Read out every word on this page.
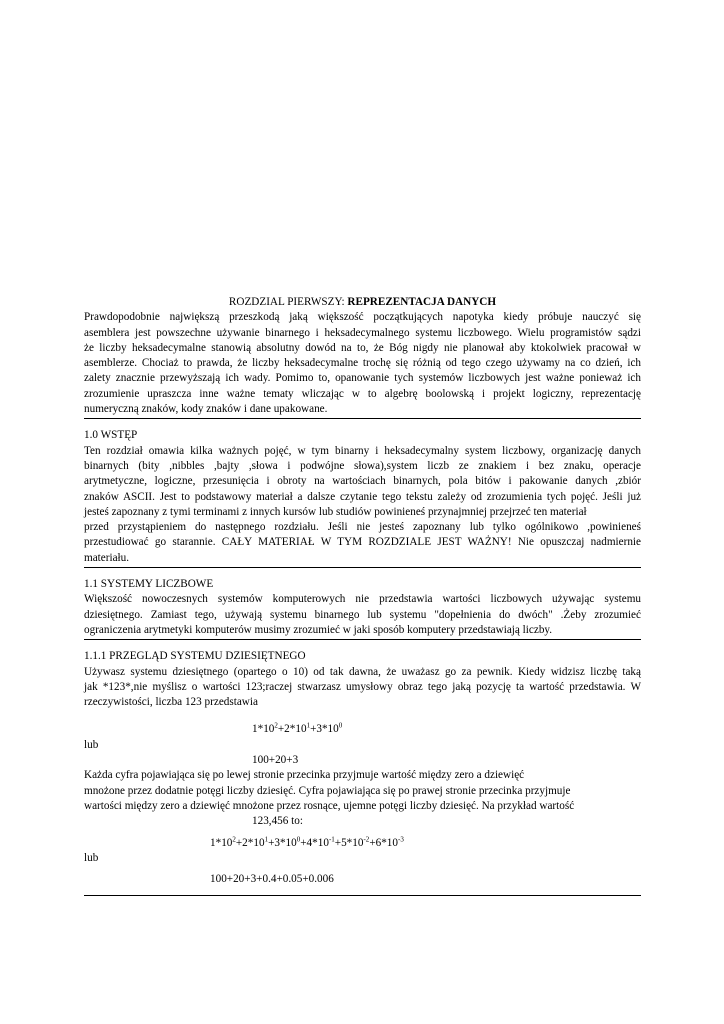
ROZDZIAL PIERWSZY: REPREZENTACJA DANYCH

Prawdopodobnie największą przeszkodą jaką większość początkujących napotyka kiedy próbuje nauczyć się
asemblera jest powszechne używanie binarnego i heksadecymalnego systemu liczbowego. Wielu programistów sądzi
że liczby heksadecymalne stanowią absolutny dowód na to, że Bóg nigdy nie planował aby ktokolwiek pracował w
asemblerze. Chociaż to prawda, że liczby heksadecymalne trochę się różnią od tego czego używamy na co dzień, ich
zalety znacznie przewyższają ich wady. Pomimo to, opanowanie tych systemów liczbowych jest ważne ponieważ ich
zrozumienie upraszcza inne ważne tematy wliczając w to algebrę boolowską i projekt logiczny, reprezentację
numeryczną znaków, kody znaków i dane upakowane.

1.0 WSTĘP

Ten rozdział omawia kilka ważnych pojęć, w tym binarny i heksadecymalny system liczbowy, organizację danych
binarnych (bity ,nibbles ,bajty ,słowa i podwójne słowa),system liczb ze znakiem i bez znaku, operacje
arytmetyczne, logiczne, przesunięcia i obroty na wartościach binarnych, pola bitów i pakowanie danych ,zbiór
znaków ASCII. Jest to podstawowy materiał a dalsze czytanie tego tekstu zależy od zrozumienia tych pojęć. Jeśli już
jesteś zapoznany z tymi terminami z innych kursów lub studiów powinieneś przynajmniej przejrzeć ten materiał
przed przystąpieniem do następnego rozdziału. Jeśli nie jesteś zapoznany lub tylko ogólnikowo ,powinieneś
przestudiować go starannie. CAŁY MATERIAŁ W TYM ROZDZIALE JEST WAŻNY! Nie opuszczaj nadmiernie
materiału.

1.1 SYSTEMY LICZBOWE

Większość nowoczesnych systemów komputerowych nie przedstawia wartości liczbowych używając systemu
dziesiętnego. Zamiast tego, używają systemu binarnego lub systemu "dopełnienia do dwóch" .Żeby zrozumieć
ograniczenia arytmetyki komputerów musimy zrozumieć w jaki sposób komputery przedstawiają liczby.

1.1.1 PRZEGLĄD SYSTEMU DZIESIĘTNEGO

Używasz systemu dziesiętnego (opartego o 10) od tak dawna, że uważasz go za pewnik. Kiedy widzisz liczbę taką
jak *123*,nie myślisz o wartości 123;raczej stwarzasz umysłowy obraz tego jaką pozycję ta wartość przedstawia. W
rzeczywistości, liczba 123 przedstawia

$1*10^2+2*10^1+3*10^0$

lub

100+20+3

Każda cyfra pojawiająca się po lewej stronie przecinka przyjmuje wartość między zero a dziewięć
mnożone przez dodatnie potęgi liczby dziesięć. Cyfra pojawiająca się po prawej stronie przecinka przyjmuje
wartości między zero a dziewięć mnożone przez rosnące, ujemne potęgi liczby dziesięć. Na przykład wartość

123,456 to:

$1*10^2+2*10^1+3*10^0+4*10^{-1}+5*10^{-2}+6*10^{-3}$

lub

100+20+3+0.4+0.05+0.006
